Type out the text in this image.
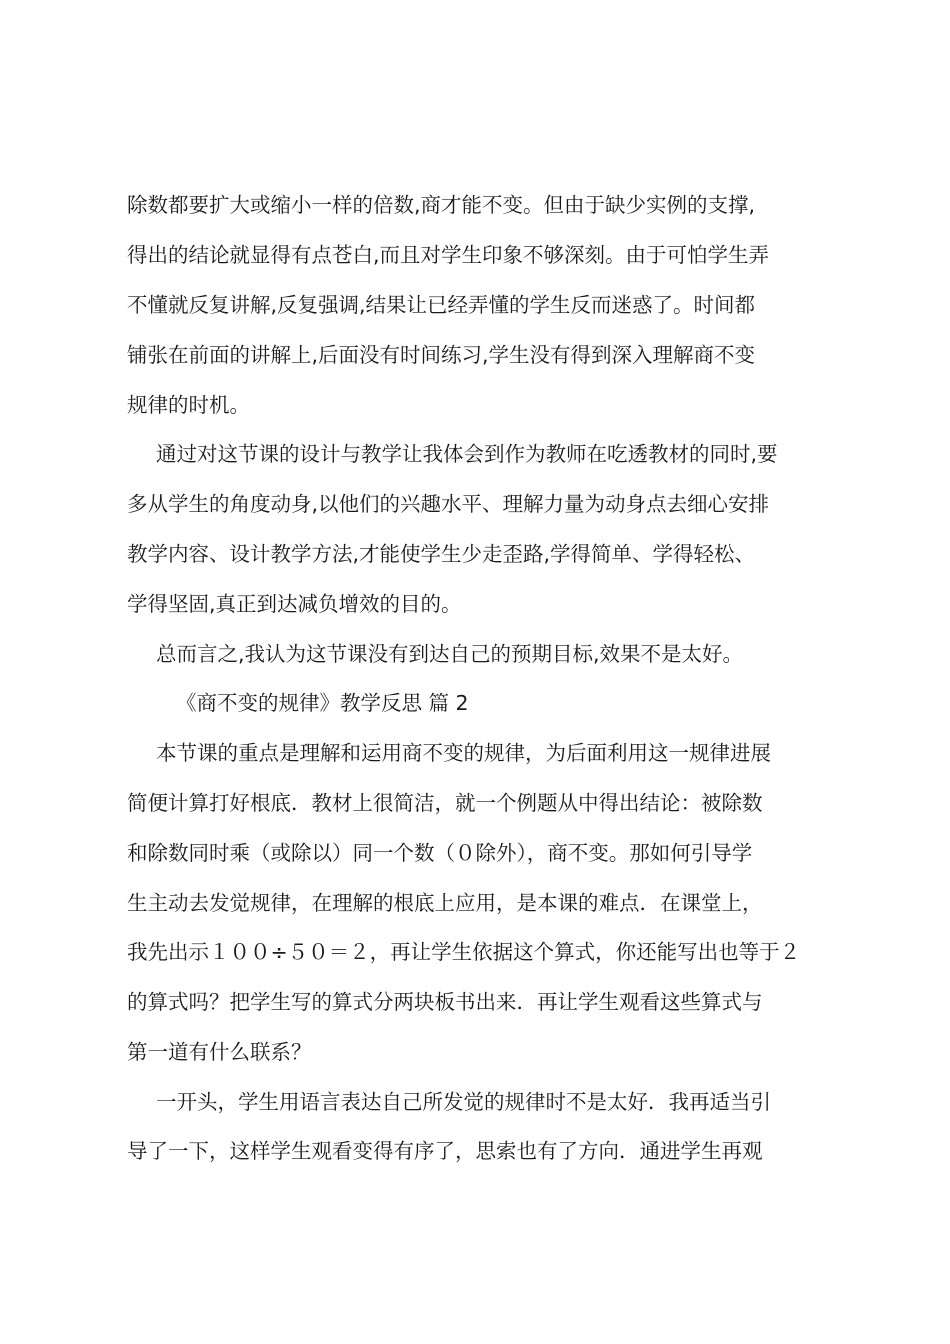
除数都要扩大或缩小一样的倍数,商才能不变。但由于缺少实例的支撑,
得出的结论就显得有点苍白,而且对学生印象不够深刻。由于可怕学生弄
不懂就反复讲解,反复强调,结果让已经弄懂的学生反而迷惑了。时间都
铺张在前面的讲解上,后面没有时间练习,学生没有得到深入理解商不变
规律的时机。
通过对这节课的设计与教学让我体会到作为教师在吃透教材的同时,要
多从学生的角度动身,以他们的兴趣水平、理解力量为动身点去细心安排
教学内容、设计教学方法,才能使学生少走歪路,学得简单、学得轻松、
学得坚固,真正到达减负增效的目的。
总而言之,我认为这节课没有到达自己的预期目标,效果不是太好。
《商不变的规律》教学反思 篇 2
本节课的重点是理解和运用商不变的规律，为后面利用这一规律进展
简便计算打好根底．教材上很简洁，就一个例题从中得出结论：被除数
和除数同时乘（或除以）同一个数（０除外），商不变。那如何引导学
生主动去发觉规律，在理解的根底上应用，是本课的难点．在课堂上，
我先出示１００÷５０＝２，再让学生依据这个算式，你还能写出也等于２
的算式吗？把学生写的算式分两块板书出来．再让学生观看这些算式与
第一道有什么联系？
一开头，学生用语言表达自己所发觉的规律时不是太好．我再适当引
导了一下，这样学生观看变得有序了，思索也有了方向．通进学生再观
